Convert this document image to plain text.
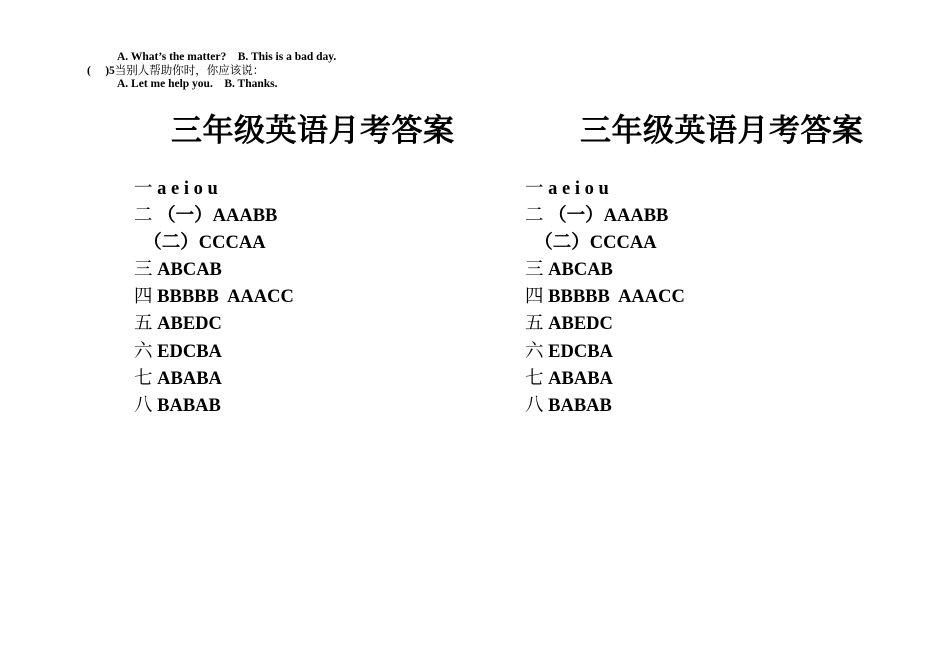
A. What’s the matter?    B. This is a bad day.
(     )5当别人帮助你时，你应该说：
A. Let me help you.    B. Thanks.
三年级英语月考答案
一 a e i o u
二 （一）AAABB
（二）CCCAA
三 ABCAB
四 BBBBB  AAACC
五 ABEDC
六 EDCBA
七 ABABA
八 BABAB
三年级英语月考答案
一 a e i o u
二 （一）AAABB
（二）CCCAA
三 ABCAB
四 BBBBB  AAACC
五 ABEDC
六 EDCBA
七 ABABA
八 BABAB
